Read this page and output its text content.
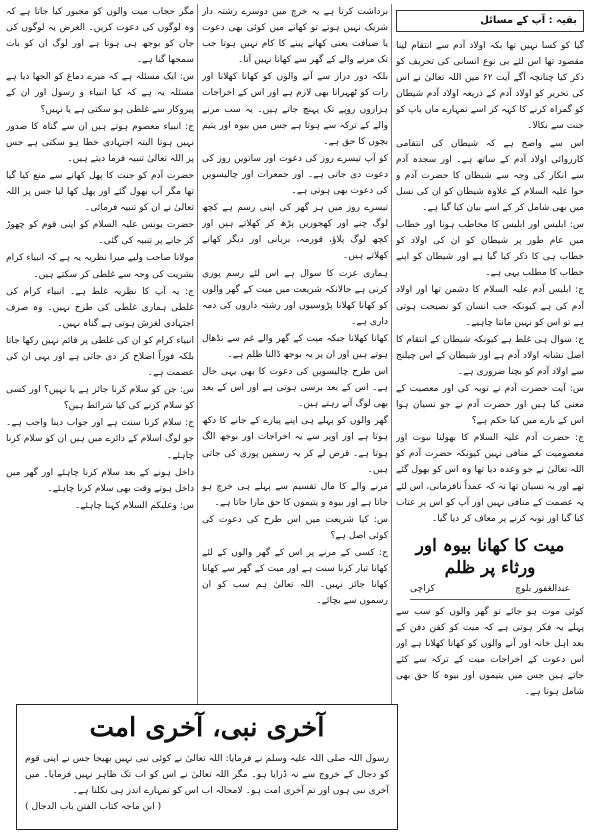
بقیہ : آپ کے مسائل

گیا کو کسا نہیں تھا بکہ اولاد آدم سے انتقام لینا مقصود تھا اس لئے بی نوع انسانی کی تحریف کو ذکر کیا چنانچہ آگے آیت ۶۲ میں اللہ تعالیٰ نے اس کی تحریر کو اولاد آدم کے ذریعہ اولاد آدم شیطان کو گمراہ کرنے کا کہہ کر اسے تمہارے ماں باپ کو جنت سے نکالا۔

اس سے واضح ہے کہ شیطان کی انتقامی کارروائی اولاد آدم کے ساتھ ہے۔ اور سجدہ آدم سے انکار کی وجہ سے شیطان کا حضرت آدم و حوا علیہ السلام کے علاوہ شیطان کو ان کی نسل میں بھی شامل کر کے اسے بیان کیا گیا ہے۔

س: ابلیس اور ابلیس کا مخاطب ہونا اور خطاب میں عام طور پر شیطان کو ان کی اولاد کو خطاب ہی کا ذکر کیا گیا ہے اور شیطان کو اپنے خطاب کا مطلب یہی ہے۔

ج: ابلیس آدم علیہ السلام کا دشمن تھا اور اولاد آدم کی ہے کیونکہ جب انسان کو نصیحت ہوتی ہے تو اس کو نہیں ماننا چاہیے۔

ج: سوال ہی غلط ہے کیونکہ شیطان کے انتقام کا اصل نشانہ اولاد آدم ہے اور شیطان کے اس چیلنج سے اولاد آدم کو بچنا ضروری ہے۔

س: آیت حضرت آدم نے توبہ کی اور معصیت کے معنی کیا ہیں اور حضرت آدم نے جو نسیان ہوا اس کے بارے میں کیا حکم ہے؟

ج: حضرت آدم علیہ السلام کا بھولنا نبوت اور معصومیت کے منافی نہیں کیونکہ حضرت آدم کو اللہ تعالیٰ نے جو وعدہ دیا تھا وہ اس کو بھول گئے تھے اور یہ نسیان تھا نہ کہ عمداً نافرمانی، اس لئے یہ عصمت کے منافی نہیں اور آپ کو اس پر عتاب کیا گیا اور توبہ کرنے پر معاف کر دیا گیا۔

میت کا کھانا بیوہ اور ورثاء پر ظلم
عبدالغفور بلوچ
کراچی

کوئی موت ہو جائے تو گھر والوں کو سب سے پہلے یہ فکر ہوتی ہے کہ میت کو کفن دفن کے بعد اہل خانہ اور آنے والوں کو کھانا کھلانا ہے اور اس دعوت کے اخراجات میت کے ترکہ سے کئے جاتے ہیں جس میں یتیموں اور بیوہ کا حق بھی شامل ہوتا ہے۔

برداشت کرتا ہے یہ خرچ میں دوسرے رشتہ دار شریک نہیں ہوتے تو کھانے میں کوئی بھی دعوت یا ضیافت یعنی کھانے پینے کا کام نہیں ہوتا جب تک مرنے والے کے گھر سے کھانا نہیں آتا۔

بلکہ دور دراز سے آنے والوں کو کھانا کھلانا اور رات کو ٹھہرانا بھی لازم ہے اور اس کے اخراجات ہزاروں روپے تک پہنچ جاتے ہیں۔ یہ سب مرنے والے کے ترکہ سے ہوتا ہے جس میں بیوہ اور یتیم بچوں کا حق ہے۔

کو آپ تیسرے روز کی دعوت اور ساتویں روز کی دعوت دی جاتی ہے۔ اور جمعرات اور چالیسویں کی دعوت بھی ہوتی ہے۔

تیسرے روز میں ہر گھر کی اپنی رسم ہے کچھ لوگ چنے اور کھجوریں پڑھ کر کھلاتے ہیں اور کچھ لوگ پلاؤ، قورمہ، بریانی اور دیگر کھانے کھلاتے ہیں۔

ہماری عزت کا سوال ہے اس لئے رسم پوری کرنی ہے حالانکہ شریعت میں میت کے گھر والوں کو کھانا کھلانا پڑوسیوں اور رشتہ داروں کی ذمہ داری ہے۔

کھانا کھلانا جبکہ میت کے گھر والے غم سے نڈھال ہوتے ہیں اور ان پر یہ بوجھ ڈالنا ظلم ہے۔

اس طرح چالیسویں کی دعوت کا بھی یہی حال ہے۔ اس کے بعد برسی ہوتی ہے اور اس کے بعد بھی لوگ آتے رہتے ہیں۔

گھر والوں کو پہلے ہی اپنے پیارے کے جانے کا دکھ ہوتا ہے اور اوپر سے یہ اخراجات اور بوجھ الگ ہوتا ہے۔ قرض لے کر یہ رسمیں پوری کی جاتی ہیں۔

مرنے والے کا مال تقسیم سے پہلے ہی خرچ ہو جاتا ہے اور بیوہ و یتیموں کا حق مارا جاتا ہے۔

س: کیا شریعت میں اس طرح کی دعوت کی کوئی اصل ہے؟

ج: کسی کے مرنے پر اس کے گھر والوں کے لئے کھانا تیار کرنا سنت ہے اور میت کے گھر سے کھانا کھانا جائز نہیں۔ اللہ تعالیٰ ہم سب کو ان رسموں سے بچائے۔

مگر حجاب میت والوں کو مجبور کیا جاتا ہے کہ وہ لوگوں کی دعوت کریں۔ الغرض یہ لوگوں کی جان کو بوجھ ہی ہوتا ہے اور لوگ ان کو بات سمجھا گنا ہے۔

س: ایک مسئلہ ہے کہ میرے دماغ کو الجھا دیا ہے مسئلہ یہ ہے کہ کیا انبیاء و رسول اور ان کے پیروکار سے غلطی ہو سکتی ہے یا نہیں؟

ج: انبیاء معصوم ہوتے ہیں ان سے گناہ کا صدور نہیں ہوتا البتہ اجتہادی خطا ہو سکتی ہے جس پر اللہ تعالیٰ تنبیہ فرما دیتے ہیں۔

حضرت آدم کو جنت کا پھل کھانے سے منع کیا گیا تھا مگر آپ بھول گئے اور پھل کھا لیا جس پر اللہ تعالیٰ نے ان کو تنبیہ فرمائی۔

حضرت یونس علیہ السلام کو اپنی قوم کو چھوڑ کر جانے پر تنبیہ کی گئی۔

مولانا صاحب ولیے میرا نظریہ یہ ہے کہ انبیاء کرام بشریت کی وجہ سے غلطی کر سکتے ہیں۔

ج: یہ آپ کا نظریہ غلط ہے۔ انبیاء کرام کی غلطی ہماری غلطی کی طرح نہیں۔ وہ صرف اجتہادی لغزش ہوتی ہے گناہ نہیں۔

انبیاء کرام کو ان کی غلطی پر قائم نہیں رکھا جاتا بلکہ فوراً اصلاح کر دی جاتی ہے اور یہی ان کی عصمت ہے۔

س: جن کو سلام کرنا جائز ہے یا نہیں؟ اور کسی کو سلام کرنے کی کیا شرائط ہیں؟

ج: سلام کرنا سنت ہے اور جواب دینا واجب ہے۔ جو لوگ اسلام کے دائرے میں ہیں ان کو سلام کرنا چاہئے۔

داخل ہونے کے بعد سلام کرنا چاہئے اور گھر میں داخل ہوتے وقت بھی سلام کرنا چاہئے۔

س: وعلیکم السلام کہنا چاہئے۔

آخری نبی، آخری امت
رسول اللہ صلی اللہ علیہ وسلم نے فرمایا: اللہ تعالیٰ نے کوئی نبی نہیں بھیجا جس نے اپنی قوم کو دجال کے خروج سے نہ ڈرایا ہو۔ مگر اللہ تعالیٰ نے اس کو اب تک ظاہر نہیں فرمایا۔ میں آخری نبی ہوں اور تم آخری امت ہو۔ لامحالہ اب اس کو تمہارے اندر ہی نکلنا ہے۔
( ابن ماجہ کتاب الفتن باب الدجال )
